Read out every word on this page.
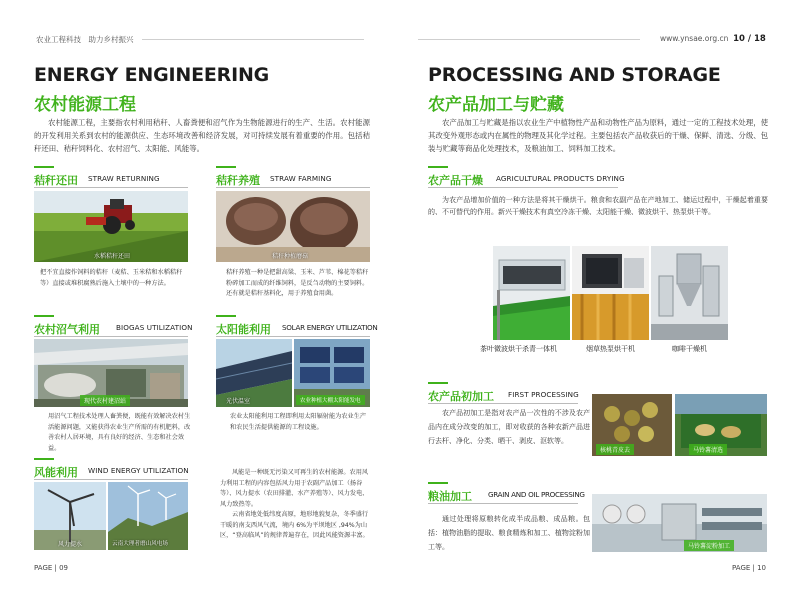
农业工程科技　助力乡村振兴	www.ynsae.org.cn 10 / 18
ENERGY ENGINEERING
农村能源工程
农村能源工程，主要指农村利用秸秆、人畜粪便和沼气作为生物能源进行的生产、生活。农村能源的开发利用关系到农村的能源供应、生态环境改善和经济发展，对可持续发展有着重要的作用。包括秸秆还田、秸秆饲料化、农村沼气、太阳能、风能等。
秸秆还田 STRAW RETURNING
水稻秸秆还田
把不宜直接作饲料的秸秆（麦秸、玉米秸和水稻秸秆等）直接或堆积腐熟后施入土壤中的一种方法。
秸秆养殖 STRAW FARMING
秸秆种植蘑菇
秸秆养殖一种是把甜高粱、玉米、芦苇、棉花等秸秆粉碎加工而成的纤维饲料，是反刍动物的主要饲料。还有就是秸秆基料化，用于养殖食用菌。
农村沼气利用 BIOGAS UTILIZATION
现代农村建沼站
用沼气工程技术处理人畜粪便，既能有效解决农村生活能源问题，又能获得农业生产所需的有机肥料，改善农村人居环境，具有良好的经济、生态和社会效益。
太阳能利用 SOLAR ENERGY UTILIZATION
光伏温室	农业种植大棚太阳能发电
农业太阳能利用工程即利用太阳辐射能为农业生产和农民生活提供能源的工程设施。
风能利用 WIND ENERGY UTILIZATION
风力提水	云南大理者磨山风电场
风能是一种既无污染又可再生的农村能源。农用风力利用工程的内容包括风力用于农副产品加工（扬谷等）、风力提水（农田排灌、水产养殖等）、风力发电、风力致热等。
云南省地处低纬度高原，地形地貌复杂，冬季盛行干暖的南支西风气流，境内 6%为平坝地区 ,94%为山区，“登高临风”的规律普遍存在，因此风能资源丰富。
PAGE | 09
PROCESSING AND STORAGE
农产品加工与贮藏
农产品加工与贮藏是指以农业生产中植物性产品和动物性产品为原料，通过一定的工程技术处理，使其改变外观形态或内在属性的物理及其化学过程。主要包括农产品收获后的干燥、保鲜、清选、分级、包装与贮藏等商品化处理技术，及粮油加工、饲料加工技术。
农产品干燥 AGRICULTURAL PRODUCTS DRYING
为农产品增加价值的一种方法是将其干燥烘干。粮食和农副产品在产地加工、储运过程中，干燥起着重要的、不可替代的作用。新兴干燥技术有真空冷冻干燥、太阳能干燥、微波烘干、热泵烘干等。
茶叶微波烘干杀青一体机	烟草热泵烘干机	咖啡干燥机
农产品初加工 FIRST PROCESSING
农产品初加工是指对农产品一次性的不涉及农产品内在成分改变的加工，即对收获的各种农新产品进行去杆、净化、分类、晒干、剥皮、沤软等。
核桃青皮去	马铃薯清选
粮油加工 GRAIN AND OIL PROCESSING
通过处理将原粮转化成半成品粮、成品粮。包括：植物油脂的提取、粮食精炼和加工、植物淀粉加工等。	马铃薯淀粉加工
PAGE | 10
